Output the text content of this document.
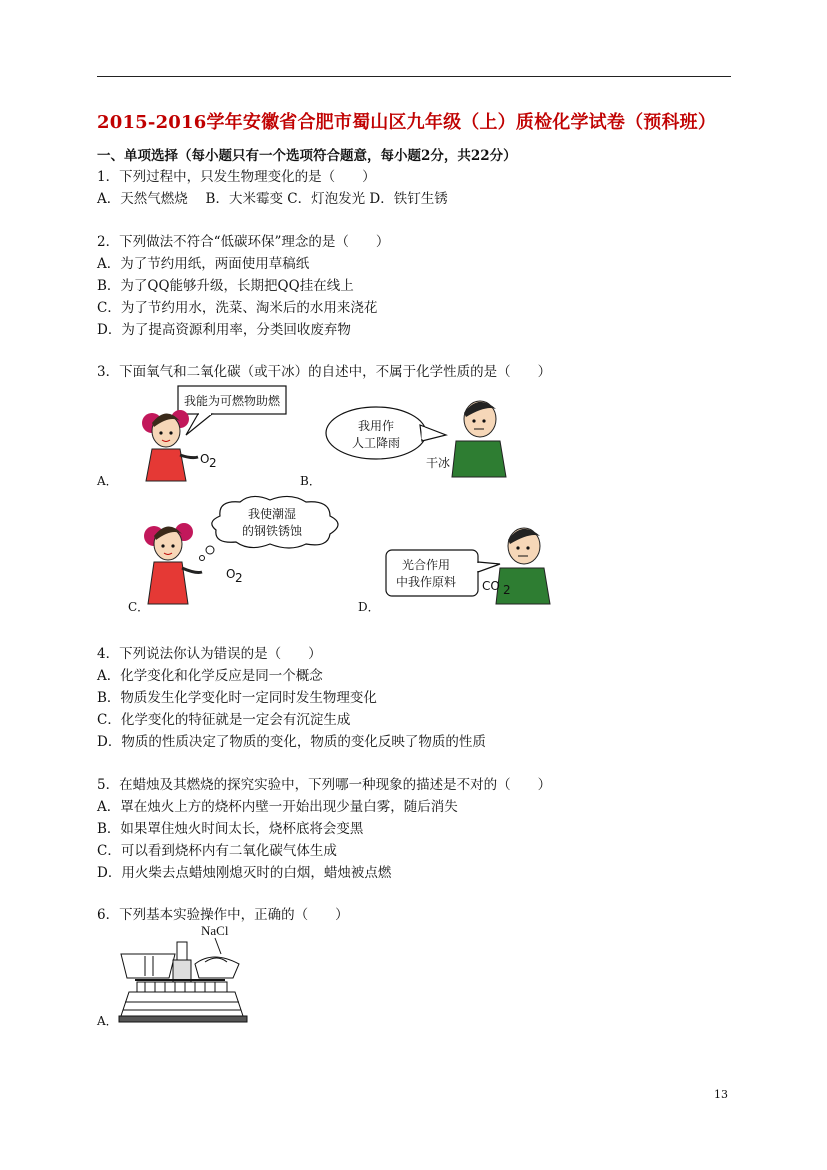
2015-2016学年安徽省合肥市蜀山区九年级（上）质检化学试卷（预科班）
一、单项选择（每小题只有一个选项符合题意，每小题2分，共22分）
1．下列过程中，只发生物理变化的是（　　）
A．天然气燃烧　 B．大米霉变 C．灯泡发光 D．铁钉生锈
2．下列做法不符合“低碳环保”理念的是（　　）
A．为了节约用纸，两面使用草稿纸
B．为了QQ能够升级，长期把QQ挂在线上
C．为了节约用水，洗菜、淘米后的水用来浇花
D．为了提高资源利用率，分类回收废弃物
3．下面氧气和二氧化碳（或干冰）的自述中，不属于化学性质的是（　　）
我能为可燃物助燃
O 2
A．
我用作
人工降雨
干冰
B．
我使潮湿
的钢铁锈蚀
O 2
C．
光合作用
中我作原料 CO 2
D．
4．下列说法你认为错误的是（　　）
A．化学变化和化学反应是同一个概念
B．物质发生化学变化时一定同时发生物理变化
C．化学变化的特征就是一定会有沉淀生成
D．物质的性质决定了物质的变化，物质的变化反映了物质的性质
5．在蜡烛及其燃烧的探究实验中，下列哪一种现象的描述是不对的（　　）
A．罩在烛火上方的烧杯内壁一开始出现少量白雾，随后消失
B．如果罩住烛火时间太长，烧杯底将会变黑
C．可以看到烧杯内有二氧化碳气体生成
D．用火柴去点蜡烛刚熄灭时的白烟，蜡烛被点燃
6．下列基本实验操作中，正确的（　　）
NaCl
A．
13
